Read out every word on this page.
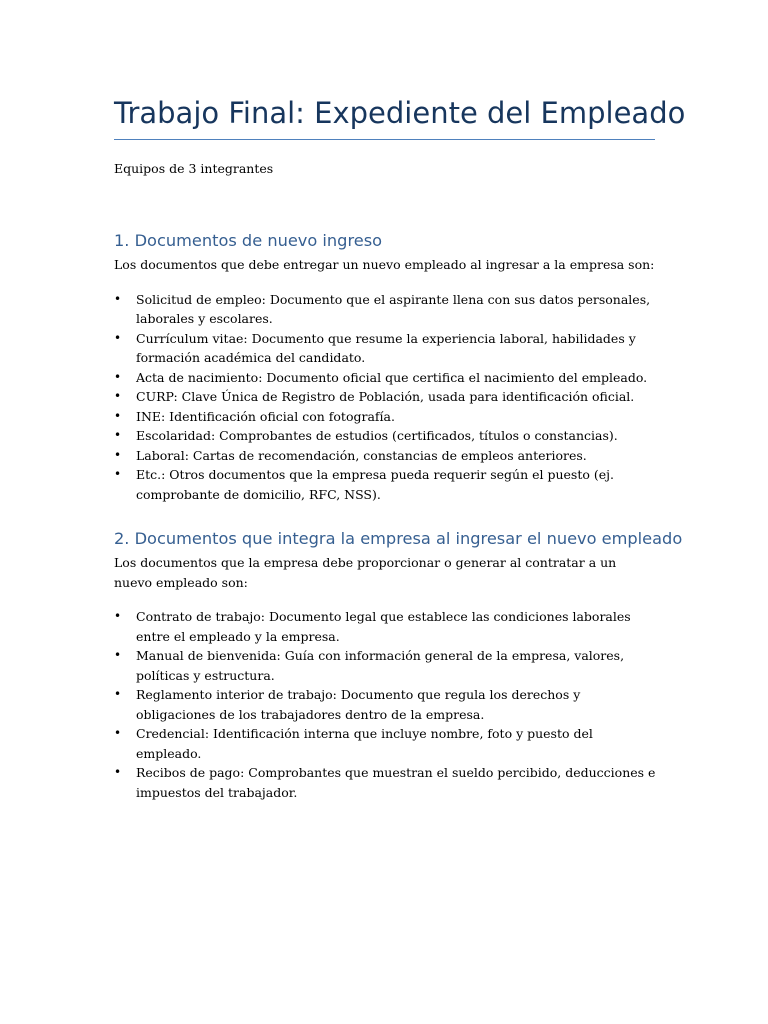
Trabajo Final: Expediente del Empleado

Equipos de 3 integrantes

1. Documentos de nuevo ingreso

Los documentos que debe entregar un nuevo empleado al ingresar a la empresa son:

• Solicitud de empleo: Documento que el aspirante llena con sus datos personales, laborales y escolares.
• Currículum vitae: Documento que resume la experiencia laboral, habilidades y formación académica del candidato.
• Acta de nacimiento: Documento oficial que certifica el nacimiento del empleado.
• CURP: Clave Única de Registro de Población, usada para identificación oficial.
• INE: Identificación oficial con fotografía.
• Escolaridad: Comprobantes de estudios (certificados, títulos o constancias).
• Laboral: Cartas de recomendación, constancias de empleos anteriores.
• Etc.: Otros documentos que la empresa pueda requerir según el puesto (ej. comprobante de domicilio, RFC, NSS).
2. Documentos que integra la empresa al ingresar el nuevo empleado

Los documentos que la empresa debe proporcionar o generar al contratar a un nuevo empleado son:

• Contrato de trabajo: Documento legal que establece las condiciones laborales entre el empleado y la empresa.
• Manual de bienvenida: Guía con información general de la empresa, valores, políticas y estructura.
• Reglamento interior de trabajo: Documento que regula los derechos y obligaciones de los trabajadores dentro de la empresa.
• Credencial: Identificación interna que incluye nombre, foto y puesto del empleado.
• Recibos de pago: Comprobantes que muestran el sueldo percibido, deducciones e impuestos del trabajador.
